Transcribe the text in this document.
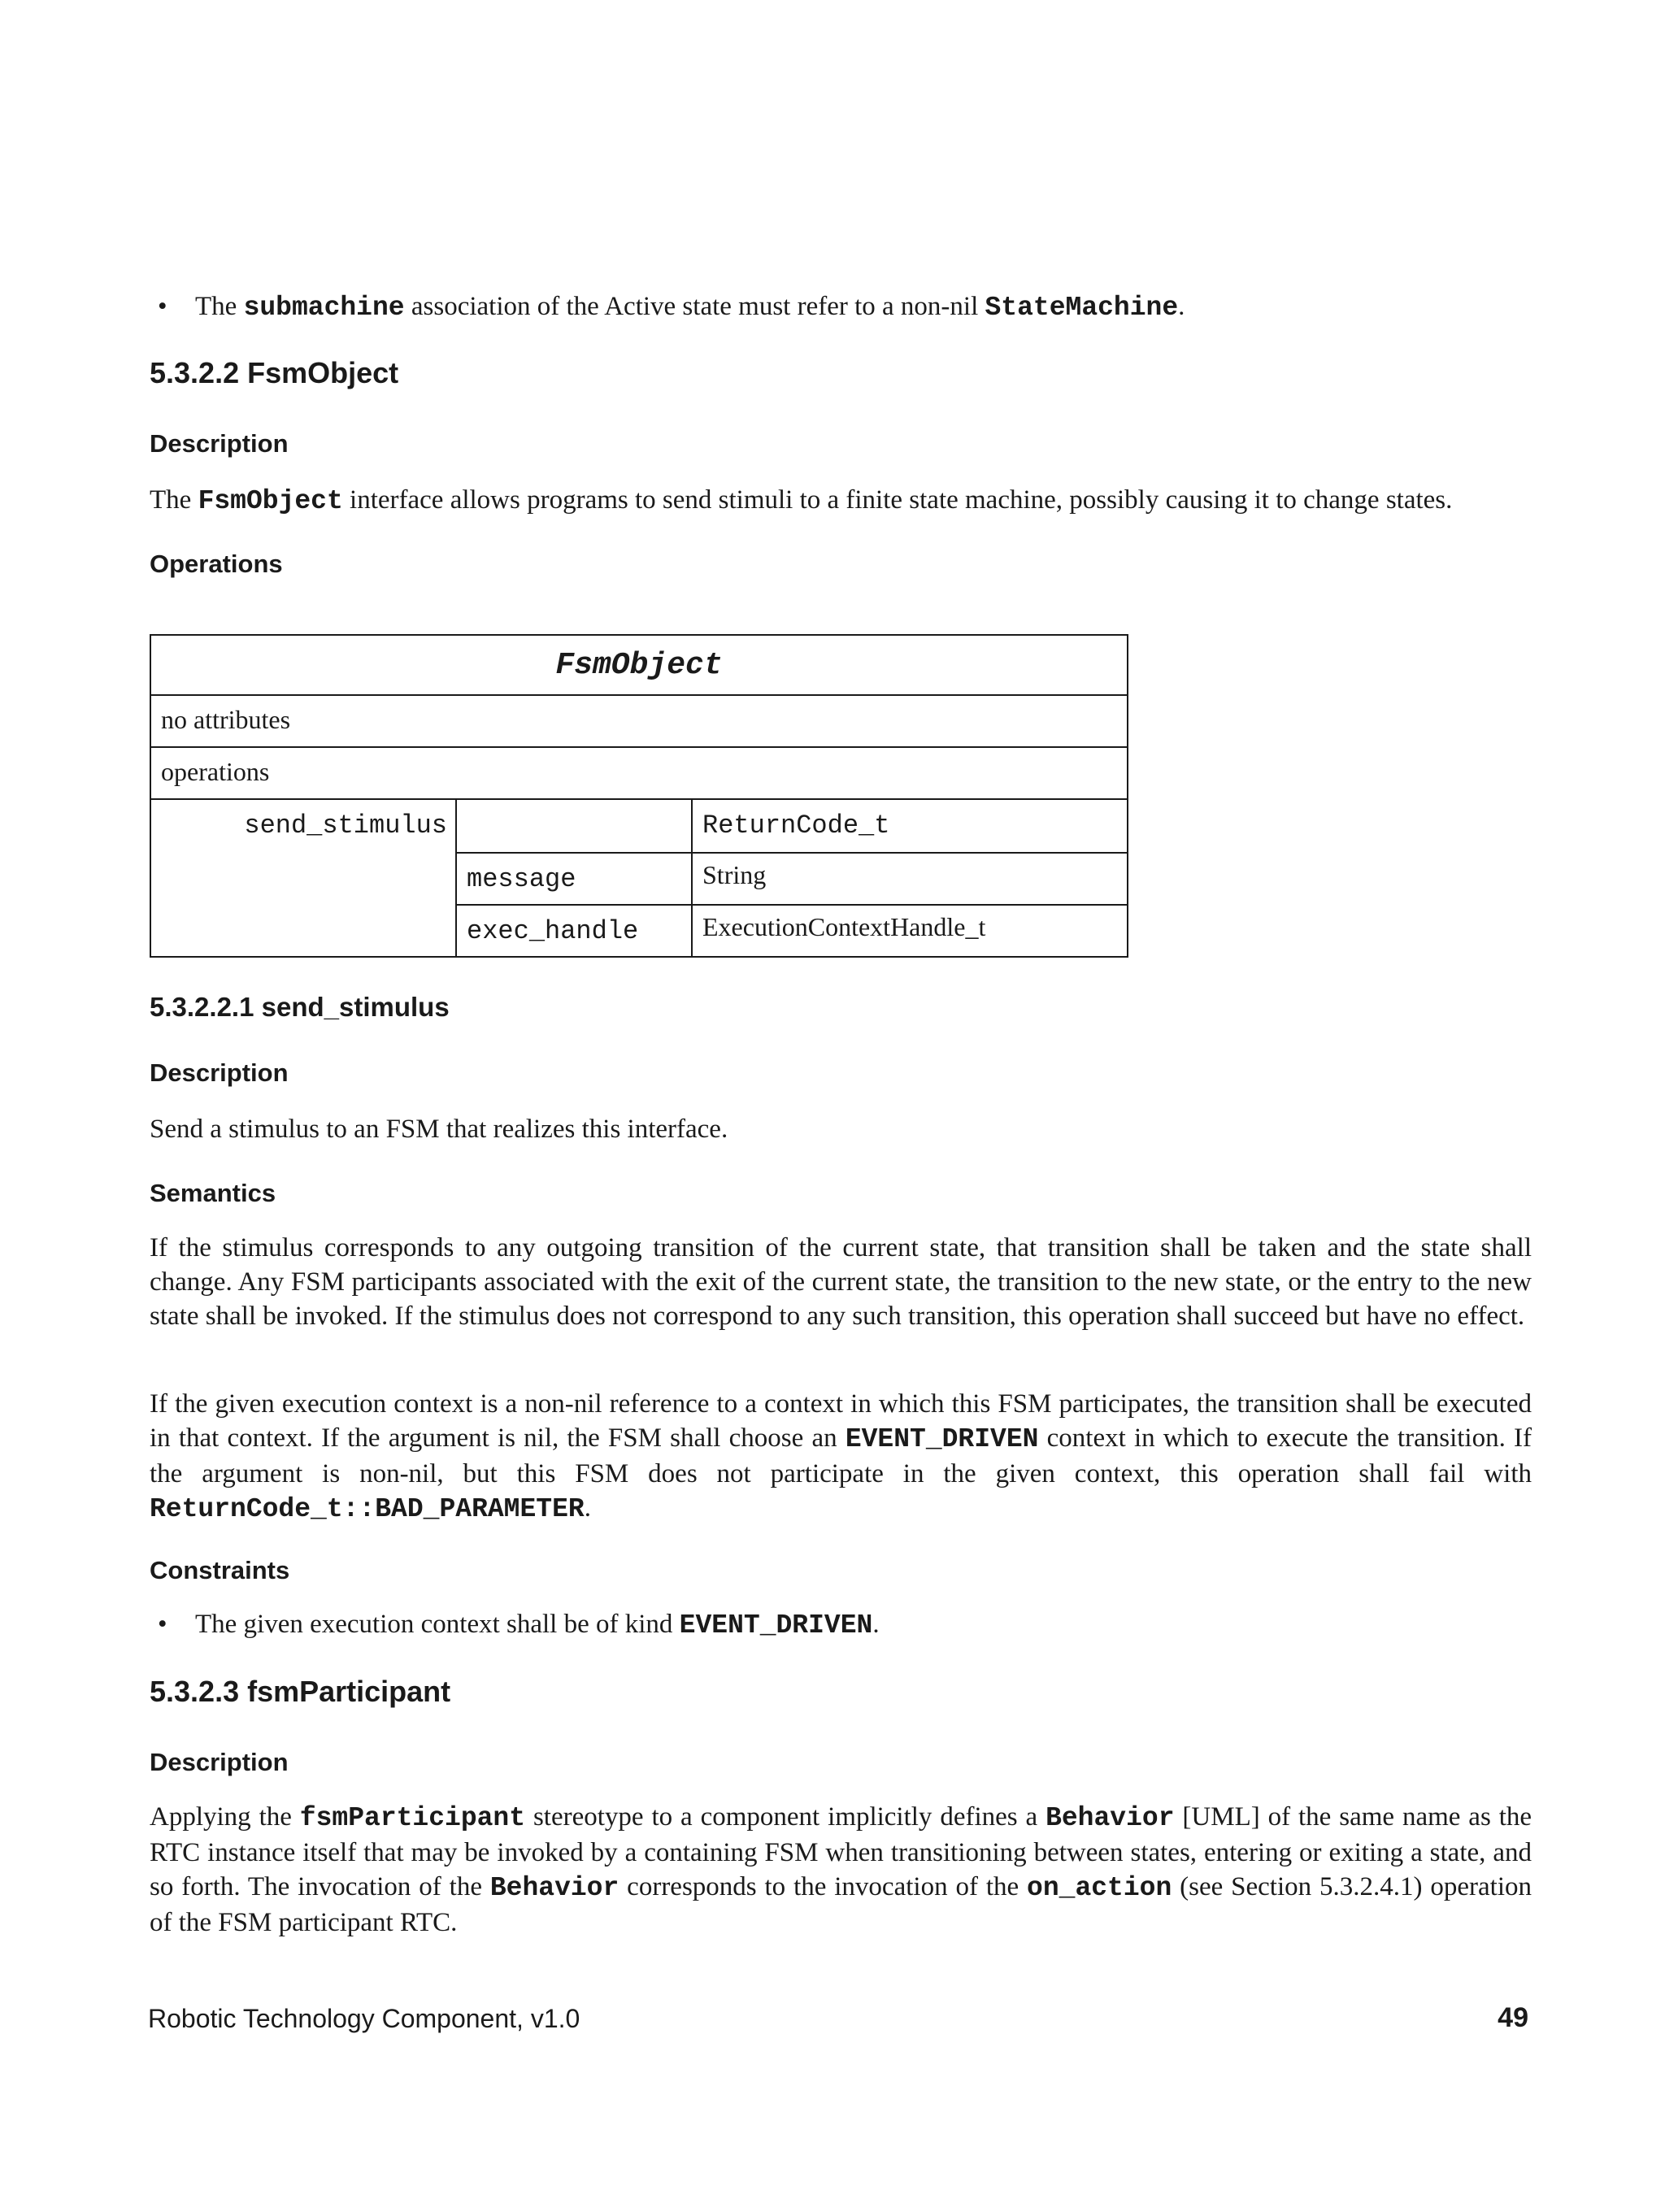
• The submachine association of the Active state must refer to a non-nil StateMachine.
5.3.2.2 FsmObject
Description
The FsmObject interface allows programs to send stimuli to a finite state machine, possibly causing it to change states.
Operations
FsmObject
no attributes
operations
send_stimulus	ReturnCode_t
message	String
exec_handle ExecutionContextHandle_t
5.3.2.2.1 send_stimulus
Description
Send a stimulus to an FSM that realizes this interface.
Semantics
If the stimulus corresponds to any outgoing transition of the current state, that transition shall be taken and the state shall change. Any FSM participants associated with the exit of the current state, the transition to the new state, or the entry to the new state shall be invoked. If the stimulus does not correspond to any such transition, this operation shall succeed but have no effect.
If the given execution context is a non-nil reference to a context in which this FSM participates, the transition shall be executed in that context. If the argument is nil, the FSM shall choose an EVENT_DRIVEN context in which to execute the transition. If the argument is non-nil, but this FSM does not participate in the given context, this operation shall fail with ReturnCode_t::BAD_PARAMETER.
Constraints
• The given execution context shall be of kind EVENT_DRIVEN.
5.3.2.3 fsmParticipant
Description
Applying the fsmParticipant stereotype to a component implicitly defines a Behavior [UML] of the same name as the RTC instance itself that may be invoked by a containing FSM when transitioning between states, entering or exiting a state, and so forth. The invocation of the Behavior corresponds to the invocation of the on_action (see Section 5.3.2.4.1) operation of the FSM participant RTC.
Robotic Technology Component, v1.0	49
